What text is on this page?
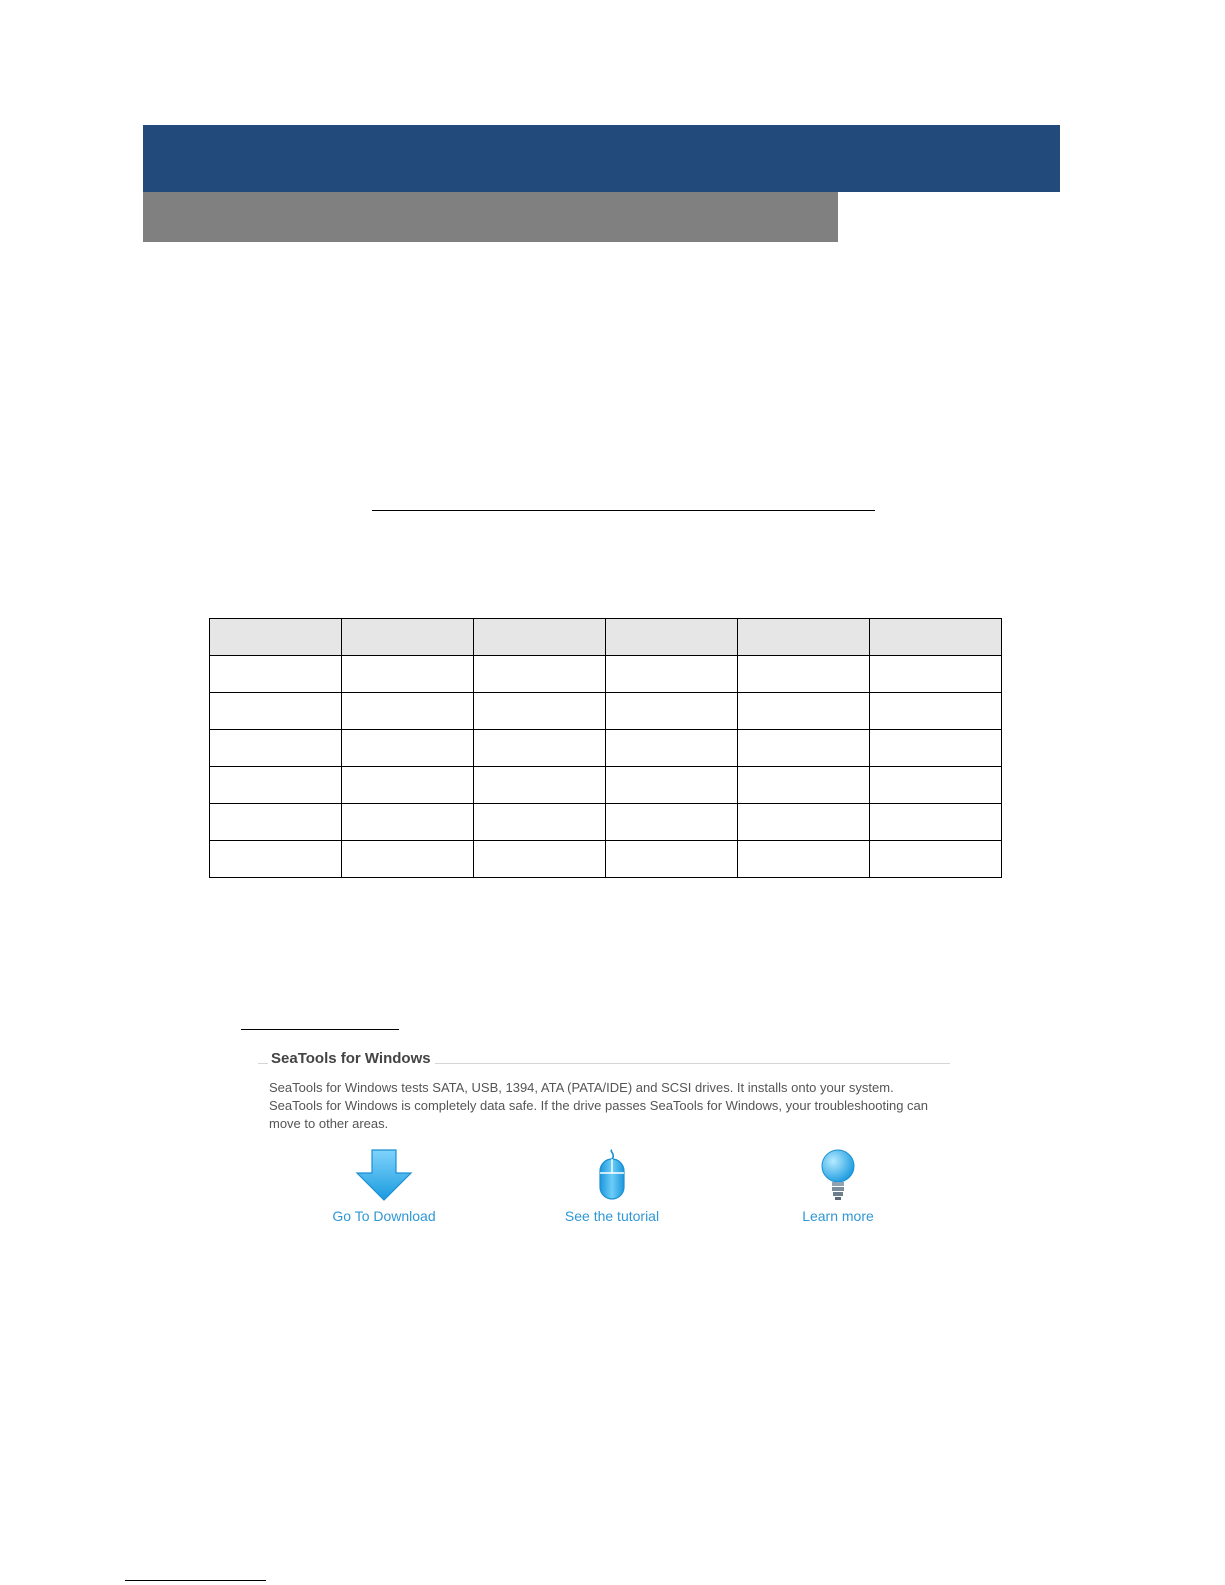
SeaTools for Windows
SeaTools for Windows tests SATA, USB, 1394, ATA (PATA/IDE) and SCSI drives. It installs onto your system. SeaTools for Windows is completely data safe. If the drive passes SeaTools for Windows, your troubleshooting can move to other areas.
Go To Download	See the tutorial	Learn more
